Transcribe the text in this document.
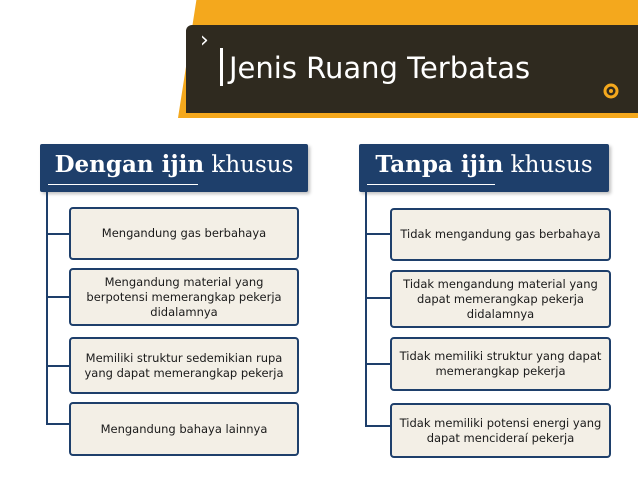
›
Jenis Ruang Terbatas
Dengan ijin khusus
Mengandung gas berbahaya
Mengandung material yang berpotensi memerangkap pekerja didalamnya
Memiliki struktur sedemikian rupa yang dapat memerangkap pekerja
Mengandung bahaya lainnya
Tanpa ijin khusus
Tidak mengandung gas berbahaya
Tidak mengandung material yang dapat memerangkap pekerja didalamnya
Tidak memiliki struktur yang dapat memerangkap pekerja
Tidak memiliki potensi energi yang dapat mencideraí pekerja
